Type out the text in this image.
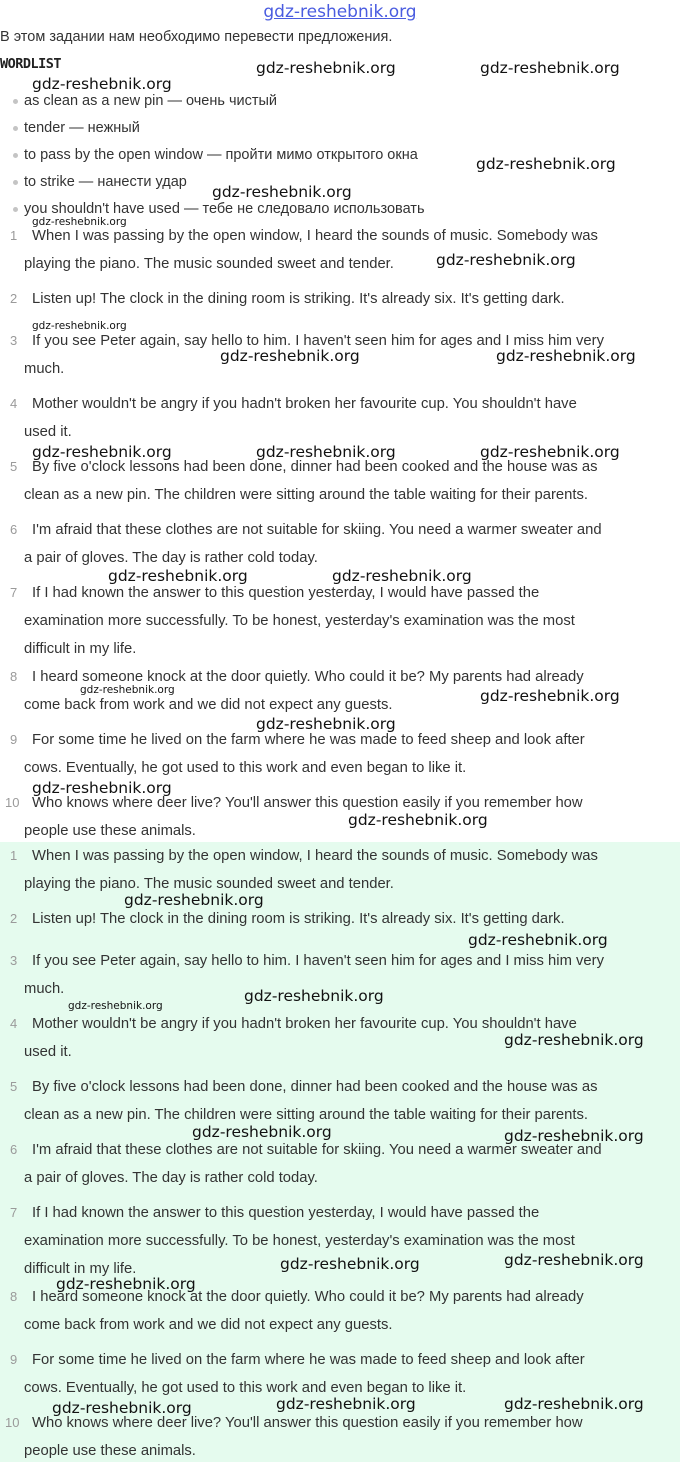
gdz-reshebnik.org
В этом задании нам необходимо перевести предложения.
WORDLIST
as clean as a new pin — очень чистый
tender — нежный
to pass by the open window — пройти мимо открытого окна
to strike — нанести удар
you shouldn't have used — тебе не следовало использовать
1 When I was passing by the open window, I heard the sounds of music. Somebody was
playing the piano. The music sounded sweet and tender.
2 Listen up! The clock in the dining room is striking. It's already six. It's getting dark.
3 If you see Peter again, say hello to him. I haven't seen him for ages and I miss him very
much.
4 Mother wouldn't be angry if you hadn't broken her favourite cup. You shouldn't have
used it.
5 By five o'clock lessons had been done, dinner had been cooked and the house was as
clean as a new pin. The children were sitting around the table waiting for their parents.
6 I'm afraid that these clothes are not suitable for skiing. You need a warmer sweater and
a pair of gloves. The day is rather cold today.
7 If I had known the answer to this question yesterday, I would have passed the
examination more successfully. To be honest, yesterday's examination was the most
difficult in my life.
8 I heard someone knock at the door quietly. Who could it be? My parents had already
come back from work and we did not expect any guests.
9 For some time he lived on the farm where he was made to feed sheep and look after
cows. Eventually, he got used to this work and even began to like it.
10 Who knows where deer live? You'll answer this question easily if you remember how
people use these animals.
1 When I was passing by the open window, I heard the sounds of music. Somebody was
playing the piano. The music sounded sweet and tender.
2 Listen up! The clock in the dining room is striking. It's already six. It's getting dark.
3 If you see Peter again, say hello to him. I haven't seen him for ages and I miss him very
much.
4 Mother wouldn't be angry if you hadn't broken her favourite cup. You shouldn't have
used it.
5 By five o'clock lessons had been done, dinner had been cooked and the house was as
clean as a new pin. The children were sitting around the table waiting for their parents.
6 I'm afraid that these clothes are not suitable for skiing. You need a warmer sweater and
a pair of gloves. The day is rather cold today.
7 If I had known the answer to this question yesterday, I would have passed the
examination more successfully. To be honest, yesterday's examination was the most
difficult in my life.
8 I heard someone knock at the door quietly. Who could it be? My parents had already
come back from work and we did not expect any guests.
9 For some time he lived on the farm where he was made to feed sheep and look after
cows. Eventually, he got used to this work and even began to like it.
10 Who knows where deer live? You'll answer this question easily if you remember how
people use these animals.
gdz-reshebnik.org
gdz-reshebnik.org	gdz-reshebnik.org
gdz-reshebnik.org
gdz-reshebnik.org
gdz-reshebnik.org
gdz-reshebnik.org
gdz-reshebnik.org
gdz-reshebnik.org	gdz-reshebnik.org
gdz-reshebnik.org	gdz-reshebnik.org	gdz-reshebnik.org
gdz-reshebnik.org	gdz-reshebnik.org
gdz-reshebnik.org	gdz-reshebnik.org
gdz-reshebnik.org
gdz-reshebnik.org
gdz-reshebnik.org
gdz-reshebnik.org
gdz-reshebnik.org
gdz-reshebnik.org
gdz-reshebnik.org
gdz-reshebnik.org
gdz-reshebnik.org	gdz-reshebnik.org
gdz-reshebnik.org
gdz-reshebnik.org
gdz-reshebnik.org
gdz-reshebnik.org	gdz-reshebnik.org	gdz-reshebnik.org
